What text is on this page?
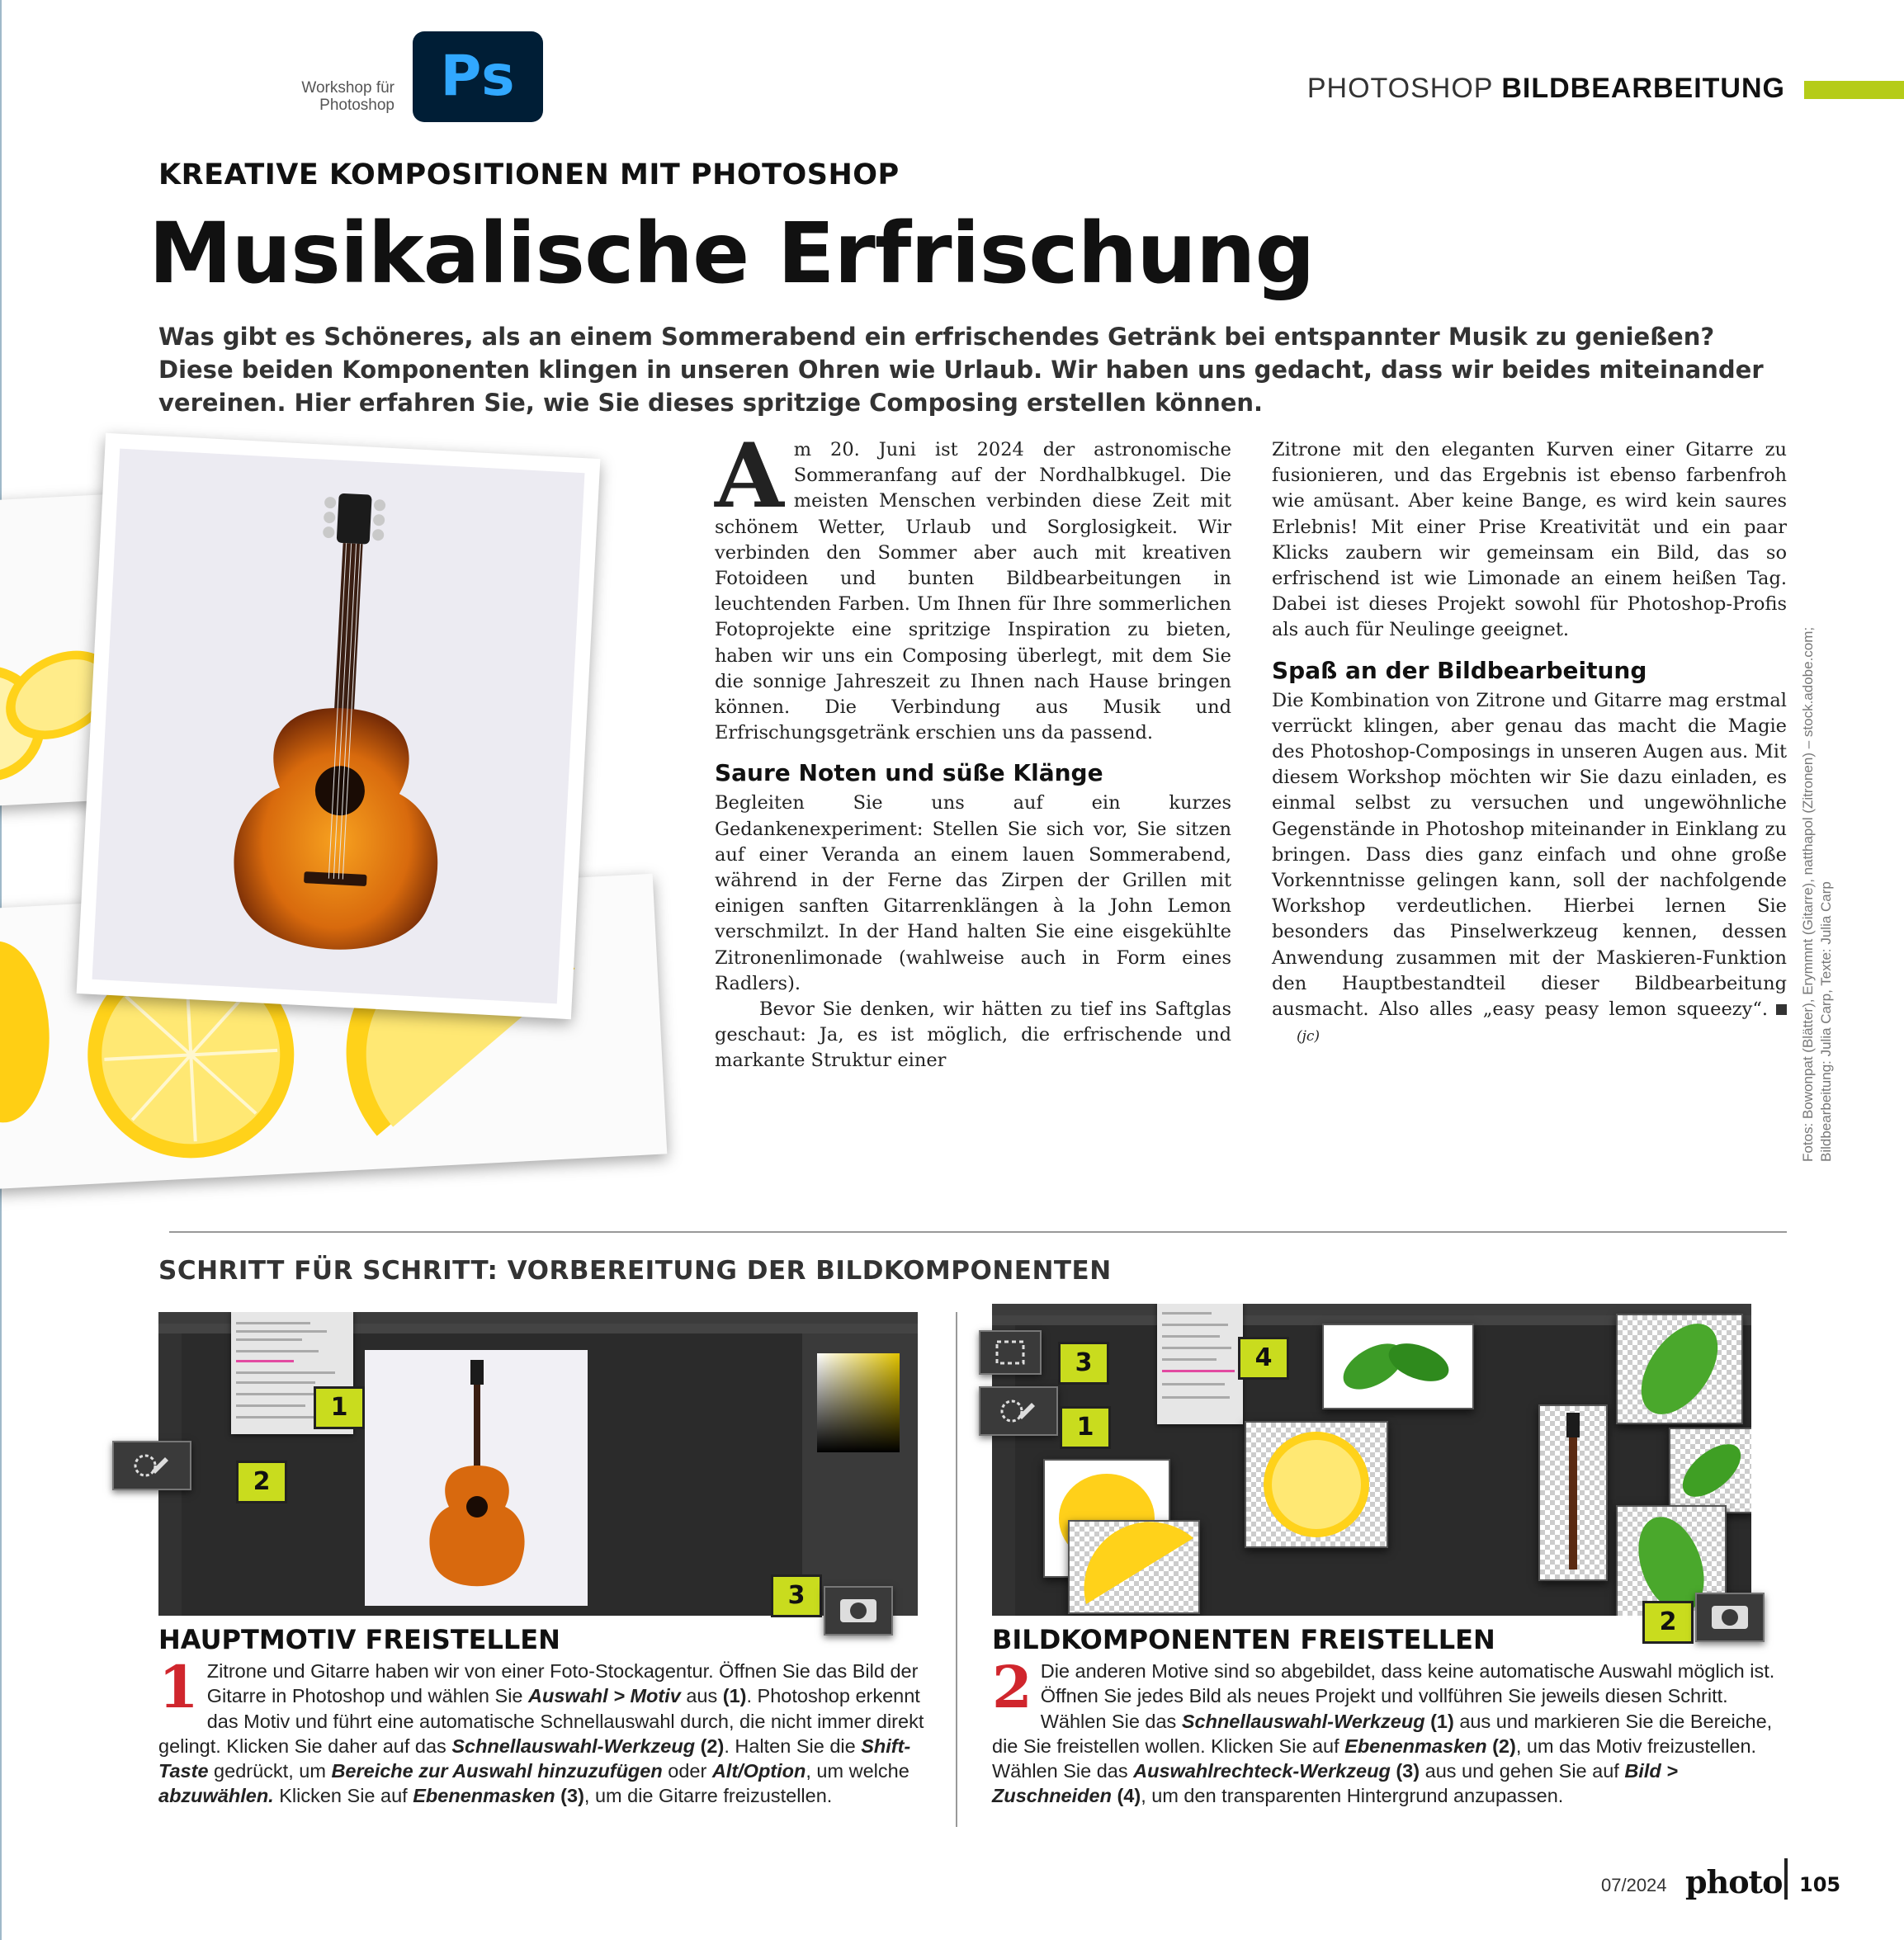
Workshop für
Photoshop Ps	PHOTOSHOP BILDBEARBEITUNG
KREATIVE KOMPOSITIONEN MIT PHOTOSHOP
Musikalische Erfrischung
Was gibt es Schöneres, als an einem Sommerabend ein erfrischendes Getränk bei entspannter Musik zu genießen? Diese beiden Komponenten klingen in unseren Ohren wie Urlaub. Wir haben uns gedacht, dass wir beides miteinander vereinen. Hier erfahren Sie, wie Sie dieses spritzige Composing erstellen können.

Am 20. Juni ist 2024 der astronomische Sommeranfang auf der Nordhalbkugel. Die meisten Menschen verbinden diese Zeit mit schönem Wetter, Urlaub und Sorglosigkeit. Wir verbinden den Sommer aber auch mit kreativen Fotoideen und bunten Bildbearbeitungen in leuchtenden Farben. Um Ihnen für Ihre sommerlichen Fotoprojekte eine spritzige Inspiration zu bieten, haben wir uns ein Composing überlegt, mit dem Sie die sonnige Jahreszeit zu Ihnen nach Hause bringen können. Die Verbindung aus Musik und Erfrischungsgetränk erschien uns da passend.

Saure Noten und süße Klänge

Begleiten Sie uns auf ein kurzes Gedankenexperiment: Stellen Sie sich vor, Sie sitzen auf einer Veranda an einem lauen Sommerabend, während in der Ferne das Zirpen der Grillen mit einigen sanften Gitarrenklängen à la John Lemon verschmilzt. In der Hand halten Sie eine eisgekühlte Zitronenlimonade (wahlweise auch in Form eines Radlers).

Bevor Sie denken, wir hätten zu tief ins Saftglas geschaut: Ja, es ist möglich, die erfrischende und markante Struktur einer

Zitrone mit den eleganten Kurven einer Gitarre zu fusionieren, und das Ergebnis ist ebenso farbenfroh wie amüsant. Aber keine Bange, es wird kein saures Erlebnis! Mit einer Prise Kreativität und ein paar Klicks zaubern wir gemeinsam ein Bild, das so erfrischend ist wie Limonade an einem heißen Tag. Dabei ist dieses Projekt sowohl für Photoshop-Profis als auch für Neulinge geeignet.

Spaß an der Bildbearbeitung

Die Kombination von Zitrone und Gitarre mag erstmal verrückt klingen, aber genau das macht die Magie des Photoshop-Composings in unseren Augen aus. Mit diesem Workshop möchten wir Sie dazu einladen, es einmal selbst zu versuchen und ungewöhnliche Gegenstände in Photoshop miteinander in Einklang zu bringen. Dass dies ganz einfach und ohne große Vorkenntnisse gelingen kann, soll der nachfolgende Workshop verdeutlichen. Hierbei lernen Sie besonders das Pinselwerkzeug kennen, dessen Anwendung zusammen mit der Maskieren-Funktion den Hauptbestandteil dieser Bildbearbeitung ausmacht. Also alles „easy peasy lemon squeezy“.(jc)	Fotos: Bowonpat (Blätter), Erymmnt (Gitarre), natthapol (Zitronen) – stock.adobe.com; Bildbearbeitung: Julia Carp, Texte: Julia Carp
SCHRITT FÜR SCHRITT: VORBEREITUNG DER BILDKOMPONENTEN
1
2
3
3	4
1
2
HAUPTMOTIV FREISTELLEN	BILDKOMPONENTEN FREISTELLEN

1 Zitrone und Gitarre haben wir von einer Foto-Stockagentur. Öffnen Sie das Bild der Gitarre in Photoshop und wählen Sie Auswahl > Motiv aus (1). Photoshop erkennt das Motiv und führt eine automatische Schnellauswahl durch, die nicht immer direkt gelingt. Klicken Sie daher auf das Schnellauswahl-Werkzeug (2). Halten Sie die Shift-Taste gedrückt, um Bereiche zur Auswahl hinzuzufügen oder Alt/Option, um welche abzuwählen. Klicken Sie auf Ebenenmasken (3), um die Gitarre freizustellen.

2 Die anderen Motive sind so abgebildet, dass keine automatische Auswahl möglich ist. Öffnen Sie jedes Bild als neues Projekt und vollführen Sie jeweils diesen Schritt. Wählen Sie das Schnellauswahl-Werkzeug (1) aus und markieren Sie die Bereiche, die Sie freistellen wollen. Klicken Sie auf Ebenenmasken (2), um das Motiv freizustellen. Wählen Sie das Auswahlrechteck-Werkzeug (3) aus und gehen Sie auf Bild > Zuschneiden (4), um den transparenten Hintergrund anzupassen.

07/2024 photo 105
